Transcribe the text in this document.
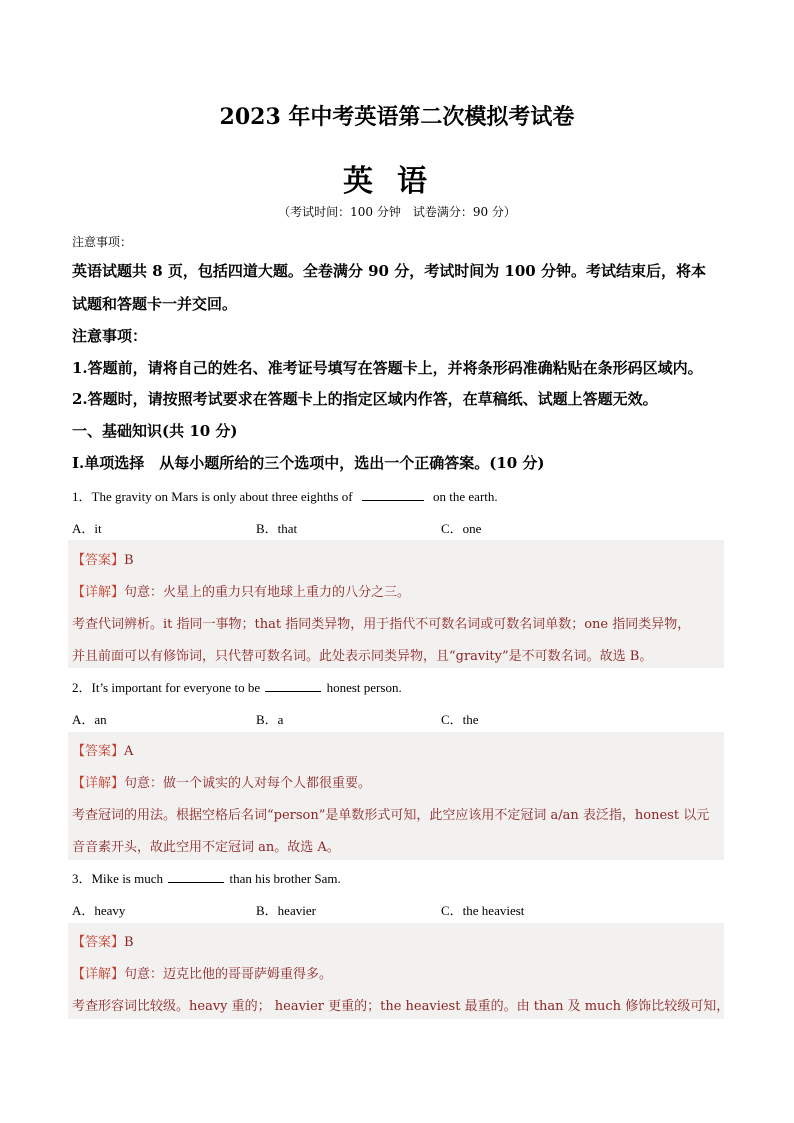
2023 年中考英语第二次模拟考试卷
英语
（考试时间：100 分钟　试卷满分：90 分）
注意事项：
英语试题共 8 页，包括四道大题。全卷满分 90 分，考试时间为 100 分钟。考试结束后，将本
试题和答题卡一并交回。
注意事项：
1.答题前，请将自己的姓名、准考证号填写在答题卡上，并将条形码准确粘贴在条形码区域内。
2.答题时，请按照考试要求在答题卡上的指定区域内作答，在草稿纸、试题上答题无效。
一、基础知识(共 10 分)
I.单项选择　从每小题所给的三个选项中，选出一个正确答案。(10 分)
1．The gravity on Mars is only about three eighths of	on the earth.
A．it	B．that	C．one
【答案】B
【详解】句意：火星上的重力只有地球上重力的八分之三。
考查代词辨析。it 指同一事物；that 指同类异物，用于指代不可数名词或可数名词单数；one 指同类异物，
并且前面可以有修饰词，只代替可数名词。此处表示同类异物，且“gravity”是不可数名词。故选 B。
2．It’s important for everyone to be	honest person.
A．an	B．a	C．the
【答案】A
【详解】句意：做一个诚实的人对每个人都很重要。
考查冠词的用法。根据空格后名词“person”是单数形式可知，此空应该用不定冠词 a/an 表泛指，honest 以元
音音素开头，故此空用不定冠词 an。故选 A。
3．Mike is much	than his brother Sam.
A．heavy	B．heavier	C．the heaviest
【答案】B
【详解】句意：迈克比他的哥哥萨姆重得多。
考查形容词比较级。heavy 重的； heavier 更重的；the heaviest 最重的。由 than 及 much 修饰比较级可知，
